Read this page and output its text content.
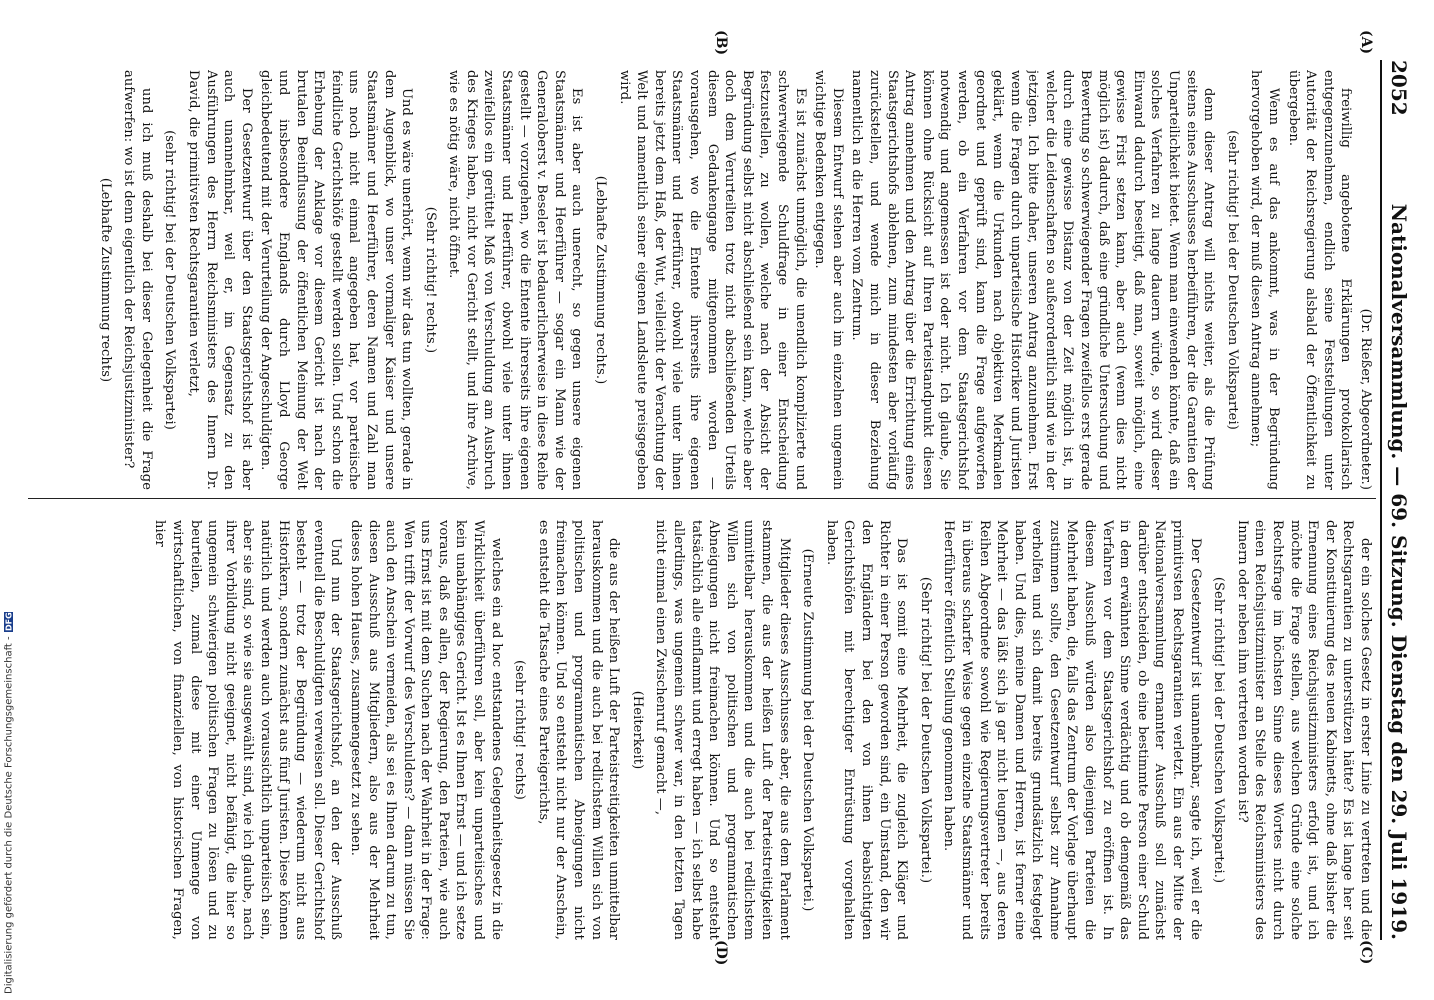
2052
Nationalversammlung. — 69. Sitzung. Dienstag den 29. Juli 1919.
(A)
(B)
(C)
(D)

(Dr. Rießer, Abgeordneter.)

freiwillig angebotene Erklärungen protokollarisch entgegenzunehmen, endlich seine Feststellungen unter Autorität der Reichsregierung alsbald der Öffentlichkeit zu übergeben.

Wenn es auf das ankommt, was in der Begründung hervorgehoben wird, der muß diesen Antrag annehmen;

(sehr richtig! bei der Deutschen Volkspartei)

denn dieser Antrag will nichts weiter, als die Prüfung seitens eines Ausschusses herbeiführen, der die Garantien der Unparteilichkeit bietet. Wenn man einwenden könnte, daß ein solches Verfahren zu lange dauern würde, so wird dieser Einwand dadurch beseitigt, daß man, soweit möglich, eine gewisse Frist setzen kann, aber auch (wenn dies nicht möglich ist) dadurch, daß eine gründliche Untersuchung und Bewertung so schwerwiegender Fragen zweifellos erst gerade durch eine gewisse Distanz von der Zeit möglich ist, in welcher die Leidenschaften so außerordentlich sind wie in der jetzigen. Ich bitte daher, unseren Antrag anzunehmen. Erst wenn die Fragen durch unparteiische Historiker und Juristen geklärt, wenn die Urkunden nach objektiven Merkmalen geordnet und geprüft sind, kann die Frage aufgeworfen werden, ob ein Verfahren vor dem Staatsgerichtshof notwendig und angemessen ist oder nicht. Ich glaube, Sie können ohne Rücksicht auf Ihren Parteistandpunkt diesen Antrag annehmen und den Antrag über die Errichtung eines Staatsgerichtshofs ablehnen, zum mindesten aber vorläufig zurückstellen, und wende mich in dieser Beziehung namentlich an die Herren vom Zentrum.

Diesem Entwurf stehen aber auch im einzelnen ungemein wichtige Bedenken entgegen.

Es ist zunächst unmöglich, die unendlich komplizierte und schwerwiegende Schuldfrage in einer Entscheidung festzustellen, zu wollen, welche nach der Absicht der Begründung selbst nicht abschließend sein kann, welche aber doch dem Verurteilten trotz nicht abschließenden Urteils diesem Gedankengange mitgenommen worden — vorausgehen, wo die Entente ihrerseits ihre eigenen Staatsmänner und Heerführer, obwohl viele unter ihnen bereits jetzt dem Haß, der Wut, vielleicht der Verachtung der Welt und namentlich seiner eigenen Landsleute preisgegeben wird.

(Lebhafte Zustimmung rechts.)

Es ist aber auch unerecht, so gegen unsere eigenen Staatsmänner und Heerführer — sogar ein Mann wie der Generaloberst v. Beseler ist bedauerlicherweise in diese Reihe gestellt — vorzugehen, wo die Entente ihrerseits ihre eigenen Staatsmänner und Heerführer, obwohl viele unter ihnen zweifellos ein gerüttelt Maß von Verschuldung am Ausbruch des Krieges haben, nicht vor Gericht stellt, und ihre Archive, wie es nötig wäre, nicht öffnet.

(Sehr richtig! rechts.)

Und es wäre unerhört, wenn wir das tun wollten, gerade in dem Augenblick, wo unser vormaliger Kaiser und unsere Staatsmänner und Heerführer, deren Namen und Zahl man uns noch nicht einmal angegeben hat, vor parteiische feindliche Gerichtshöfe gestellt werden sollen. Und schon die Erhebung der Anklage vor diesem Gericht ist nach der brutalen Beeinflussung der öffentlichen Meinung der Welt und insbesondere Englands durch Lloyd George gleichbedeutend mit der Verurteilung der Angeschuldigten.

Der Gesetzentwurf über den Staatsgerichtshof ist aber auch unannehmbar, weil er, im Gegensatz zu den Ausführungen des Herrn Reichsministers des Innern Dr. David, die primitivsten Rechtsgarantien verletzt,

(sehr richtig! bei der Deutschen Volkspartei)

und ich muß deshalb bei dieser Gelegenheit die Frage aufwerfen: wo ist denn eigentlich der Reichsjustizminister?

(Lebhafte Zustimmung rechts)

der ein solches Gesetz in erster Linie zu vertreten und die Rechtsgarantien zu unterstützen hätte? Es ist lange her seit der Konstituierung des neuen Kabinetts, ohne daß bisher die Ernennung eines Reichsjustizministers erfolgt ist, und ich möchte die Frage stellen, aus welchen Gründe eine solche Rechtsfrage im höchsten Sinne dieses Wortes nicht durch einen Reichsjustizminister an Stelle des Reichsministers des Innern oder neben ihm vertreten worden ist?

(Sehr richtig! bei der Deutschen Volkspartei.)

Der Gesetzentwurf ist unannehmbar, sagte ich, weil er die primitivsten Rechtsgarantien verletzt. Ein aus der Mitte der Nationalversammlung ernannter Ausschuß soll zunächst darüber entscheiden, ob eine bestimmte Person einer Schuld in dem erwähnten Sinne verdächtig und ob demgemäß das Verfahren vor dem Staatsgerichtshof zu eröffnen ist. In diesem Ausschuß würden also diejenigen Parteien die Mehrheit haben, die, falls das Zentrum der Vorlage überhaupt zustimmen sollte, den Gesetzentwurf selbst zur Annahme verholfen und sich damit bereits grundsätzlich festgelegt haben. Und dies, meine Damen und Herren, ist ferner eine Mehrheit — das läßt sich ja gar nicht leugnen —, aus deren Reihen Abgeordnete sowohl wie Regierungsvertreter bereits in überaus scharfer Weise gegen einzelne Staatsmänner und Heerführer öffentlich Stellung genommen haben.

(Sehr richtig! bei der Deutschen Volkspartei.)

Das ist somit eine Mehrheit, die zugleich Kläger und Richter in einer Person geworden sind, ein Umstand, den wir den Engländern bei den von ihnen beabsichtigten Gerichtshöfen mit berechtigter Entrüstung vorgehalten haben.

(Erneute Zustimmung bei der Deutschen Volkspartei.)

Mitglieder dieses Ausschusses aber, die aus dem Parlament stammen, die aus der heißen Luft der Parteistreitigkeiten unmittelbar herauskommen und die auch bei redlichstem Willen sich von politischen und programmatischen Abneigungen nicht freimachen können. Und so entsteht tatsächlich alle einflammt und erregt haben — ich selbst habe allerdings, was ungemein schwer war, in den letzten Tagen nicht einmal einen Zwischenruf gemacht —,

(Heiterkeit)

die aus der heißen Luft der Parteistreitigkeiten unmittelbar herauskommen und die auch bei redlichstem Willen sich von politischen und programmatischen Abneigungen nicht freimachen können. Und so entsteht nicht nur der Anschein, es entsteht die Tatsache eines Parteigerichts,

(sehr richtig! rechts)

welches ein ad hoc entstandenes Gelegenheitsgesetz in die Wirklichkeit überführen soll, aber kein unparteiisches und kein unabhängiges Gericht. Ist es Ihnen Ernst — und ich setze voraus, daß es allen, der Regierung, den Parteien, wie auch uns Ernst ist mit dem Suchen nach der Wahrheit in der Frage: Wen trifft der Vorwurf des Verschuldens? — dann müssen Sie auch den Anschein vermeiden, als sei es Ihnen darum zu tun, diesen Ausschuß aus Mitgliedern, also aus der Mehrheit dieses hohen Hauses, zusammengesetzt zu sehen.

Und nun der Staatsgerichtshof, an den der Ausschuß eventuell die Beschuldigten verweisen soll. Dieser Gerichtshof besteht — trotz der Begründung — wiederum nicht aus Historikern, sondern zunächst aus fünf Juristen. Diese können natürlich und werden auch voraussichtlich unparteiisch sein, aber sie sind, so wie sie ausgewählt sind, wie ich glaube, nach ihrer Vorbildung nicht geeignet, nicht befähigt, die hier so ungemein schwierigen politischen Fragen zu lösen und zu beurteilen, zumal diese mit einer Unmenge von wirtschaftlichen, von finanziellen, von historischen Fragen, hier

Digitalisierung gefördert durch die Deutsche Forschungsgemeinschaft -
DFG
